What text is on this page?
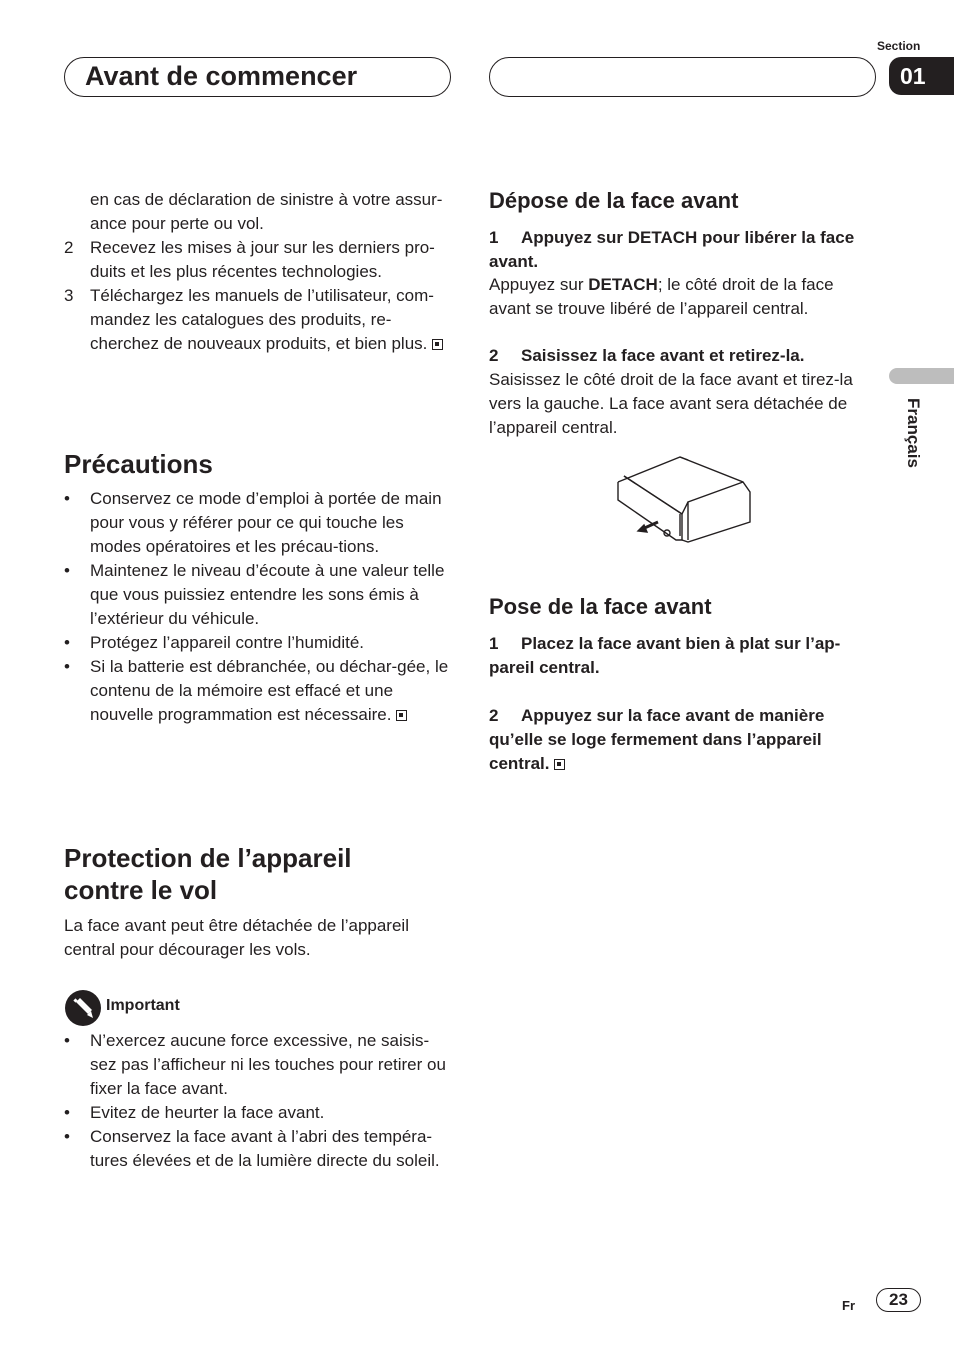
Avant de commencer
Section
01
Français
en cas de déclaration de sinistre à votre assur-ance pour perte ou vol.
2 Recevez les mises à jour sur les derniers pro-duits et les plus récentes technologies.
3 Téléchargez les manuels de l’utilisateur, com-mandez les catalogues des produits, re-cherchez de nouveaux produits, et bien plus.
Précautions
• Conservez ce mode d’emploi à portée de main pour vous y référer pour ce qui touche les modes opératoires et les précau-tions.
• Maintenez le niveau d’écoute à une valeur telle que vous puissiez entendre les sons émis à l’extérieur du véhicule.
• Protégez l’appareil contre l’humidité.
• Si la batterie est débranchée, ou déchar-gée, le contenu de la mémoire est effacé et une nouvelle programmation est nécessaire.
Protection de l’appareil
contre le vol
La face avant peut être détachée de l’appareil central pour décourager les vols.
Important
• N’exercez aucune force excessive, ne saisis-sez pas l’afficheur ni les touches pour retirer ou fixer la face avant.
• Evitez de heurter la face avant.
• Conservez la face avant à l’abri des tempéra-tures élevées et de la lumière directe du soleil.
Dépose de la face avant
1 Appuyez sur DETACH pour libérer la face avant.
Appuyez sur DETACH; le côté droit de la face avant se trouve libéré de l’appareil central.
2 Saisissez la face avant et retirez-la.
Saisissez le côté droit de la face avant et tirez-la vers la gauche. La face avant sera détachée de l’appareil central.
Pose de la face avant
1 Placez la face avant bien à plat sur l’ap-pareil central.
2 Appuyez sur la face avant de manière qu’elle se loge fermement dans l’appareil central.
Fr	23
